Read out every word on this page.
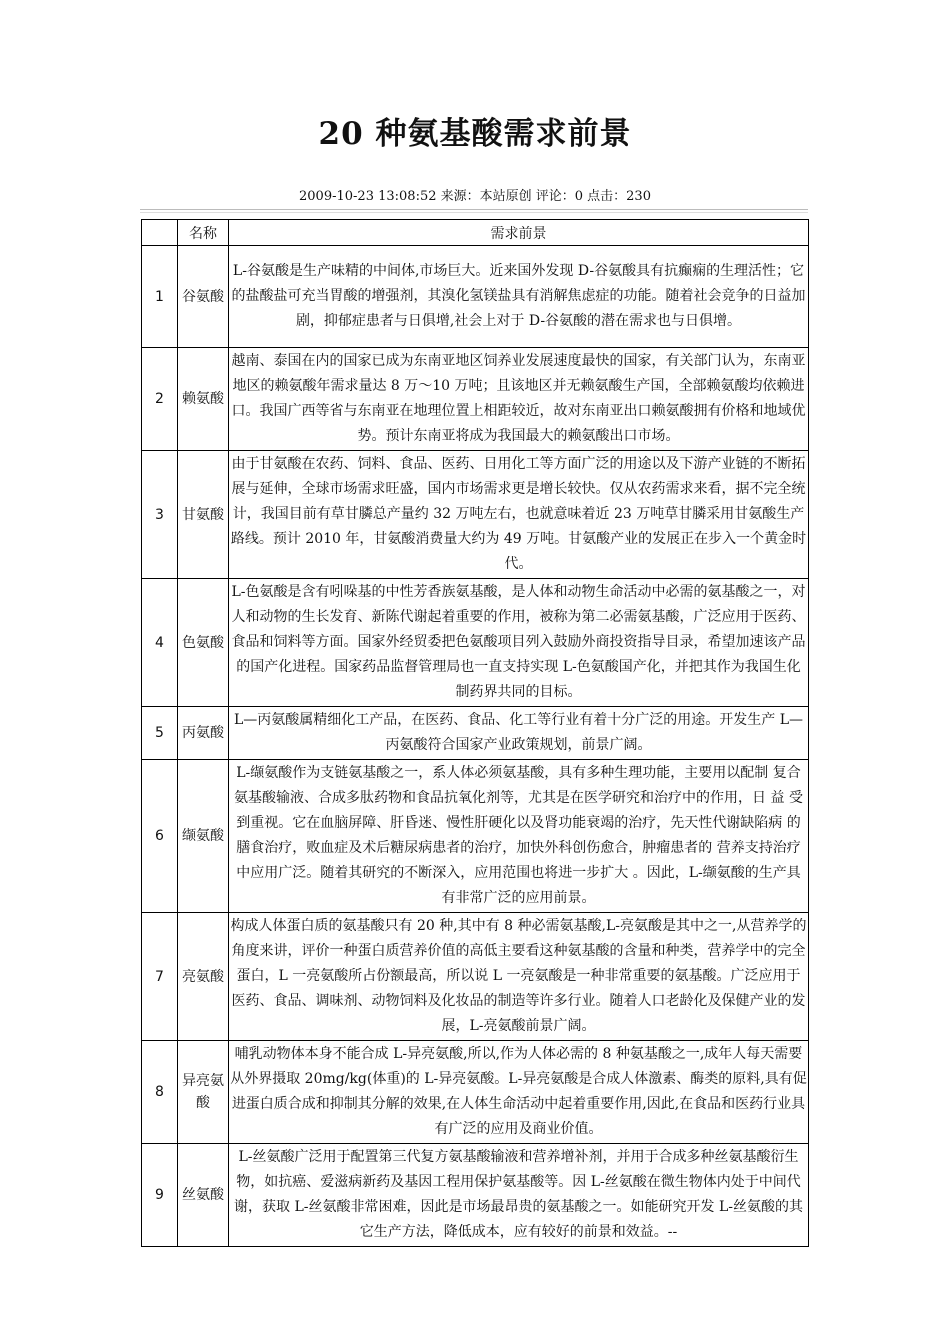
20 种氨基酸需求前景
2009-10-23 13:08:52 来源：本站原创 评论：0 点击：230
	名称	需求前景
1	谷氨酸	L-谷氨酸是生产味精的中间体,市场巨大。近来国外发现 D-谷氨酸具有抗癫痫的生理活性；它的盐酸盐可充当胃酸的增强剂，其溴化氢镁盐具有消解焦虑症的功能。随着社会竞争的日益加剧，抑郁症患者与日俱增,社会上对于 D-谷氨酸的潜在需求也与日俱增。
2	赖氨酸	越南、泰国在内的国家已成为东南亚地区饲养业发展速度最快的国家，有关部门认为，东南亚地区的赖氨酸年需求量达 8 万～10 万吨；且该地区并无赖氨酸生产国，全部赖氨酸均依赖进口。我国广西等省与东南亚在地理位置上相距较近，故对东南亚出口赖氨酸拥有价格和地域优势。预计东南亚将成为我国最大的赖氨酸出口市场。
3	甘氨酸	由于甘氨酸在农药、饲料、食品、医药、日用化工等方面广泛的用途以及下游产业链的不断拓展与延伸，全球市场需求旺盛，国内市场需求更是增长较快。仅从农药需求来看，据不完全统计，我国目前有草甘膦总产量约 32 万吨左右，也就意味着近 23 万吨草甘膦采用甘氨酸生产路线。预计 2010 年，甘氨酸消费量大约为 49 万吨。甘氨酸产业的发展正在步入一个黄金时代。
4	色氨酸	L-色氨酸是含有吲哚基的中性芳香族氨基酸，是人体和动物生命活动中必需的氨基酸之一，对人和动物的生长发育、新陈代谢起着重要的作用，被称为第二必需氨基酸，广泛应用于医药、食品和饲料等方面。国家外经贸委把色氨酸项目列入鼓励外商投资指导目录，希望加速该产品的国产化进程。国家药品监督管理局也一直支持实现 L-色氨酸国产化，并把其作为我国生化制药界共同的目标。
5	丙氨酸	L—丙氨酸属精细化工产品，在医药、食品、化工等行业有着十分广泛的用途。开发生产 L—丙氨酸符合国家产业政策规划，前景广阔。
6	缬氨酸	L-缬氨酸作为支链氨基酸之一，系人体必须氨基酸，具有多种生理功能，主要用以配制 复合氨基酸输液、合成多肽药物和食品抗氧化剂等，尤其是在医学研究和治疗中的作用，日 益 受到重视。它在血脑屏障、肝昏迷、慢性肝硬化以及肾功能衰竭的治疗，先天性代谢缺陷病 的膳食治疗，败血症及术后糖尿病患者的治疗，加快外科创伤愈合，肿瘤患者的 营养支持治疗中应用广泛。随着其研究的不断深入，应用范围也将进一步扩大 。因此，L-缬氨酸的生产具有非常广泛的应用前景。
7	亮氨酸	构成人体蛋白质的氨基酸只有 20 种,其中有 8 种必需氨基酸,L-亮氨酸是其中之一,从营养学的角度来讲，评价一种蛋白质营养价值的高低主要看这种氨基酸的含量和种类，营养学中的完全蛋白，L 一亮氨酸所占份额最高，所以说 L 一亮氨酸是一种非常重要的氨基酸。广泛应用于医药、食品、调味剂、动物饲料及化妆品的制造等许多行业。随着人口老龄化及保健产业的发展，L-亮氨酸前景广阔。
8	异亮氨酸	哺乳动物体本身不能合成 L-异亮氨酸,所以,作为人体必需的 8 种氨基酸之一,成年人每天需要从外界摄取 20mg/kg(体重)的 L-异亮氨酸。L-异亮氨酸是合成人体激素、酶类的原料,具有促进蛋白质合成和抑制其分解的效果,在人体生命活动中起着重要作用,因此,在食品和医药行业具有广泛的应用及商业价值。
9	丝氨酸	L-丝氨酸广泛用于配置第三代复方氨基酸输液和营养增补剂，并用于合成多种丝氨基酸衍生物，如抗癌、爱滋病新药及基因工程用保护氨基酸等。因 L-丝氨酸在微生物体内处于中间代谢，获取 L-丝氨酸非常困难，因此是市场最昂贵的氨基酸之一。如能研究开发 L-丝氨酸的其它生产方法，降低成本，应有较好的前景和效益。--
